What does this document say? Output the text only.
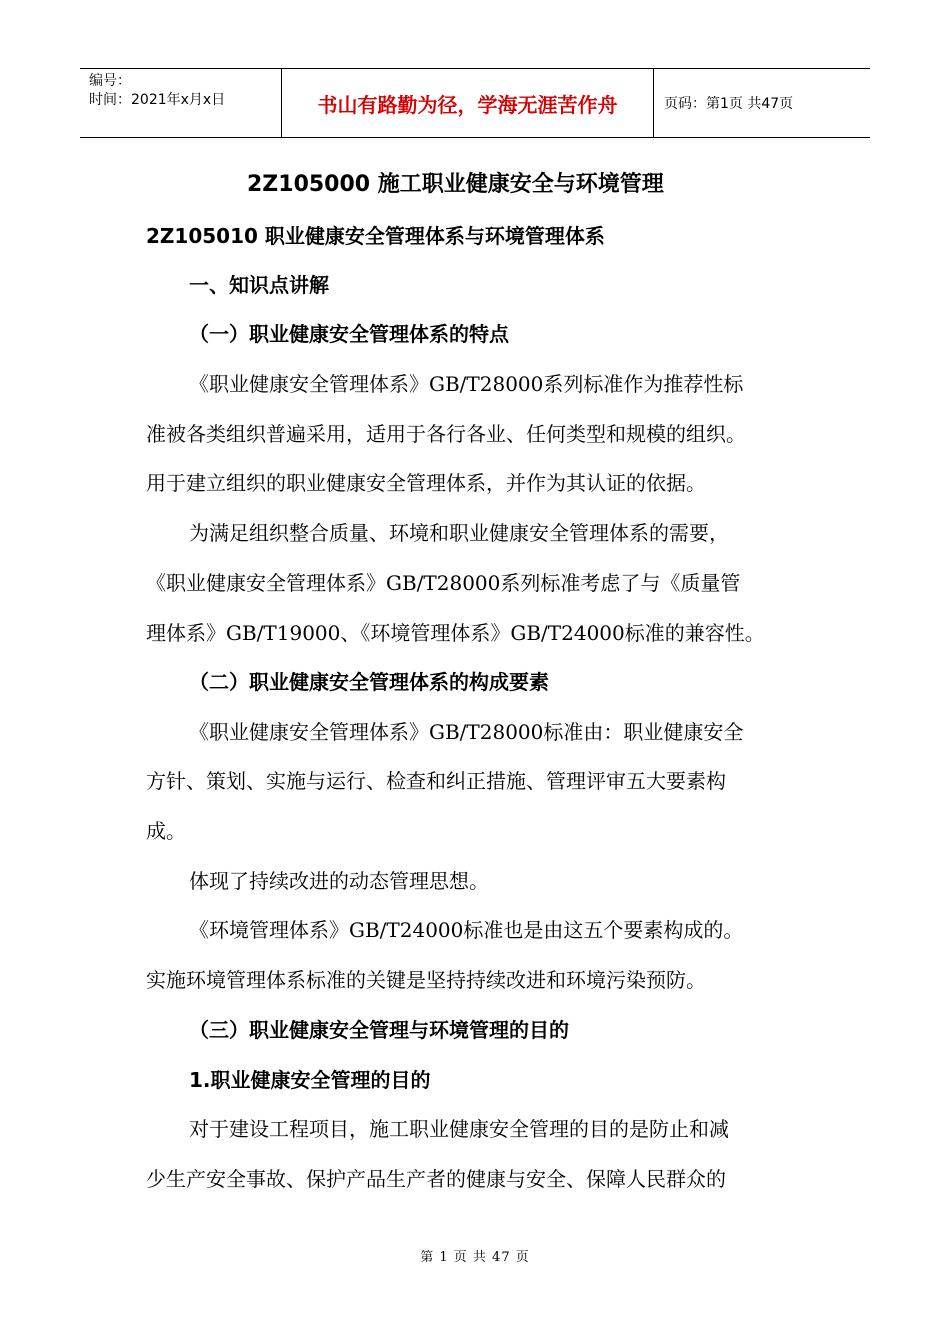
编号：
时间：2021年x月x日	书山有路勤为径，学海无涯苦作舟	页码：第1页 共47页
2Z105000 施工职业健康安全与环境管理
2Z105010 职业健康安全管理体系与环境管理体系
一、知识点讲解
（一）职业健康安全管理体系的特点
《职业健康安全管理体系》GB/T28000系列标准作为推荐性标
准被各类组织普遍采用，适用于各行各业、任何类型和规模的组织。
用于建立组织的职业健康安全管理体系，并作为其认证的依据。
为满足组织整合质量、环境和职业健康安全管理体系的需要，
《职业健康安全管理体系》GB/T28000系列标准考虑了与《质量管
理体系》GB/T19000、《环境管理体系》GB/T24000标准的兼容性。
（二）职业健康安全管理体系的构成要素
《职业健康安全管理体系》GB/T28000标准由：职业健康安全
方针、策划、实施与运行、检查和纠正措施、管理评审五大要素构
成。
体现了持续改进的动态管理思想。
《环境管理体系》GB/T24000标准也是由这五个要素构成的。
实施环境管理体系标准的关键是坚持持续改进和环境污染预防。
（三）职业健康安全管理与环境管理的目的
1.职业健康安全管理的目的
对于建设工程项目，施工职业健康安全管理的目的是防止和减
少生产安全事故、保护产品生产者的健康与安全、保障人民群众的
第 1 页 共 47 页
